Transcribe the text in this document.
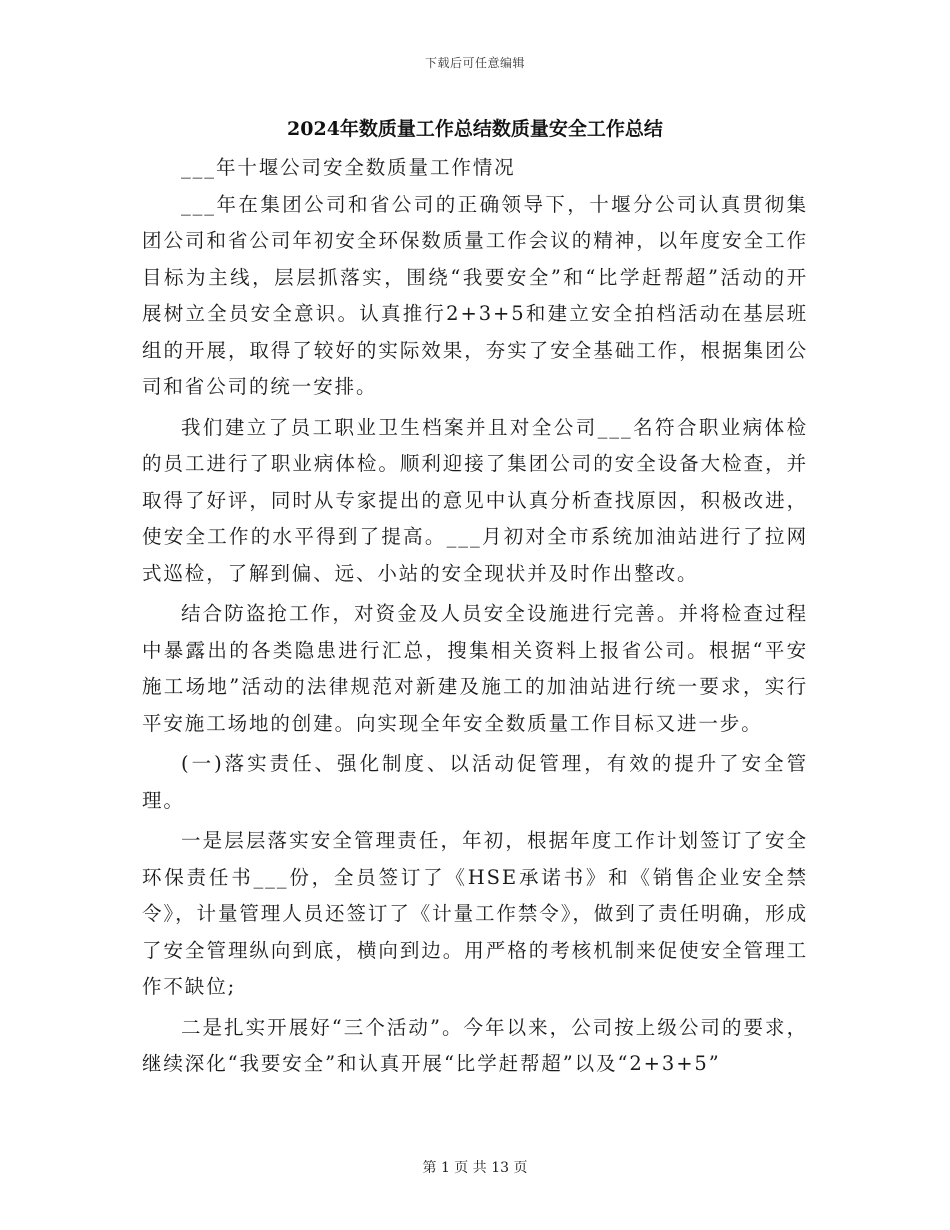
下载后可任意编辑
2024年数质量工作总结数质量安全工作总结

___年十堰公司安全数质量工作情况

___年在集团公司和省公司的正确领导下，十堰分公司认真贯彻集团公司和省公司年初安全环保数质量工作会议的精神，以年度安全工作目标为主线，层层抓落实，围绕“我要安全”和“比学赶帮超”活动的开展树立全员安全意识。认真推行2+3+5和建立安全拍档活动在基层班组的开展，取得了较好的实际效果，夯实了安全基础工作，根据集团公司和省公司的统一安排。

我们建立了员工职业卫生档案并且对全公司___名符合职业病体检的员工进行了职业病体检。顺利迎接了集团公司的安全设备大检查，并取得了好评，同时从专家提出的意见中认真分析查找原因，积极改进，使安全工作的水平得到了提高。___月初对全市系统加油站进行了拉网式巡检，了解到偏、远、小站的安全现状并及时作出整改。

结合防盗抢工作，对资金及人员安全设施进行完善。并将检查过程中暴露出的各类隐患进行汇总，搜集相关资料上报省公司。根据“平安施工场地”活动的法律规范对新建及施工的加油站进行统一要求，实行平安施工场地的创建。向实现全年安全数质量工作目标又进一步。

(一)落实责任、强化制度、以活动促管理，有效的提升了安全管理。

一是层层落实安全管理责任，年初，根据年度工作计划签订了安全环保责任书___份，全员签订了《HSE承诺书》和《销售企业安全禁令》，计量管理人员还签订了《计量工作禁令》，做到了责任明确，形成了安全管理纵向到底，横向到边。用严格的考核机制来促使安全管理工作不缺位;

二是扎实开展好“三个活动”。今年以来，公司按上级公司的要求，继续深化“我要安全”和认真开展“比学赶帮超”以及“2+3+5”

第 1 页 共 13 页
